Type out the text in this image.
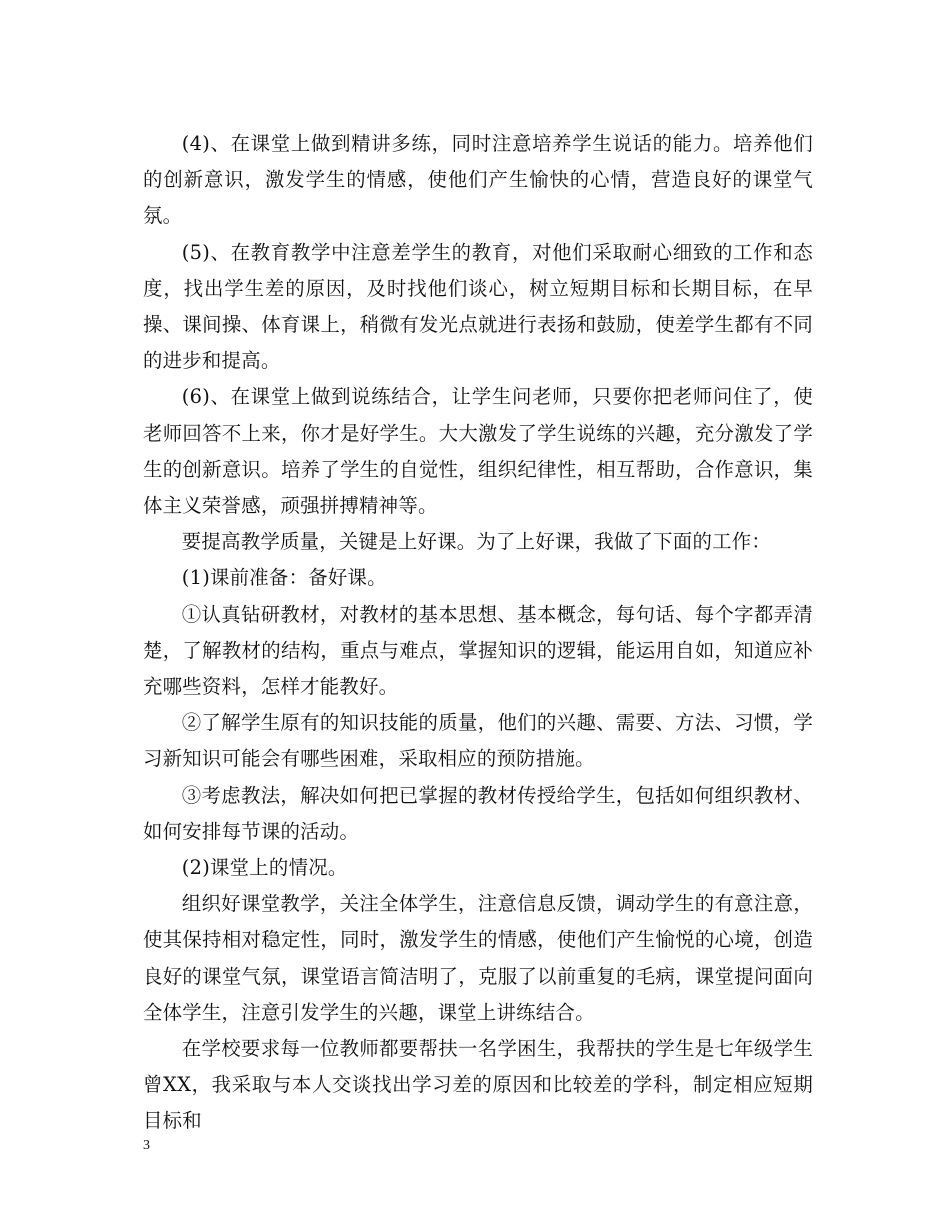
(4)、在课堂上做到精讲多练，同时注意培养学生说话的能力。培养他们的创新意识，激发学生的情感，使他们产生愉快的心情，营造良好的课堂气氛。

(5)、在教育教学中注意差学生的教育，对他们采取耐心细致的工作和态度，找出学生差的原因，及时找他们谈心，树立短期目标和长期目标，在早操、课间操、体育课上，稍微有发光点就进行表扬和鼓励，使差学生都有不同的进步和提高。

(6)、在课堂上做到说练结合，让学生问老师，只要你把老师问住了，使老师回答不上来，你才是好学生。大大激发了学生说练的兴趣，充分激发了学生的创新意识。培养了学生的自觉性，组织纪律性，相互帮助，合作意识，集体主义荣誉感，顽强拼搏精神等。

要提高教学质量，关键是上好课。为了上好课，我做了下面的工作：

(1)课前准备：备好课。

①认真钻研教材，对教材的基本思想、基本概念，每句话、每个字都弄清楚，了解教材的结构，重点与难点，掌握知识的逻辑，能运用自如，知道应补充哪些资料，怎样才能教好。

②了解学生原有的知识技能的质量，他们的兴趣、需要、方法、习惯，学习新知识可能会有哪些困难，采取相应的预防措施。

③考虑教法，解决如何把已掌握的教材传授给学生，包括如何组织教材、如何安排每节课的活动。

(2)课堂上的情况。

组织好课堂教学，关注全体学生，注意信息反馈，调动学生的有意注意，使其保持相对稳定性，同时，激发学生的情感，使他们产生愉悦的心境，创造良好的课堂气氛，课堂语言简洁明了，克服了以前重复的毛病，课堂提问面向全体学生，注意引发学生的兴趣，课堂上讲练结合。

在学校要求每一位教师都要帮扶一名学困生，我帮扶的学生是七年级学生曾XX，我采取与本人交谈找出学习差的原因和比较差的学科，制定相应短期目标和

3
